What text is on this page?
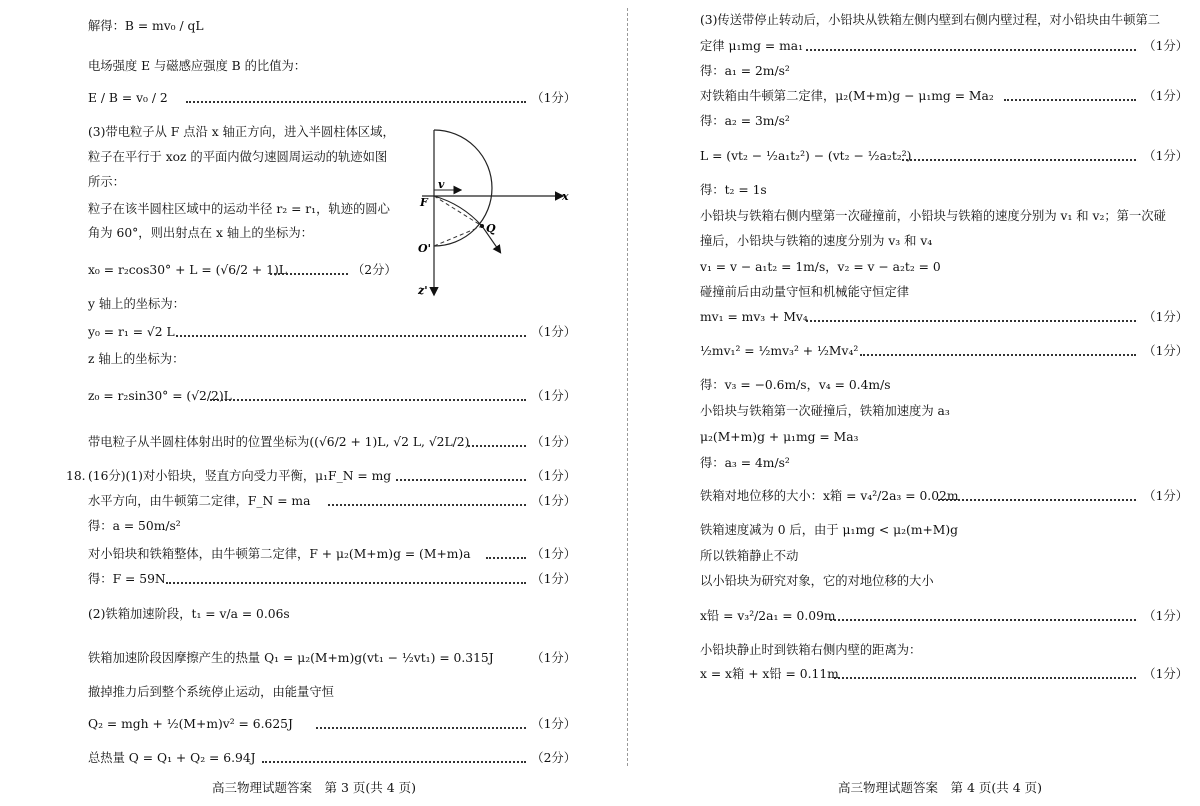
解得：B = mv₀ / qL
电场强度 E 与磁感应强度 B 的比值为：
E / B = v₀ / 2	（1分）
(3)带电粒子从 F 点沿 x 轴正方向，进入半圆柱体区域，
粒子在平行于 xoz 的平面内做匀速圆周运动的轨迹如图
所示：
粒子在该半圆柱区域中的运动半径 r₂ = r₁，轨迹的圆心
角为 60°，则出射点在 x 轴上的坐标为：
x₀ = r₂cos30° + L = (√6/2 + 1)L	（2分）
y 轴上的坐标为：
y₀ = r₁ = √2 L	（1分）
z 轴上的坐标为：
z₀ = r₂sin30° = (√2/2)L	（1分）
带电粒子从半圆柱体射出时的位置坐标为((√6/2 + 1)L, √2 L, √2L/2)	（1分）
18. (16分)(1)对小铅块，竖直方向受力平衡，μ₁F_N = mg	（1分）
水平方向，由牛顿第二定律，F_N = ma	（1分）
得：a = 50m/s²
对小铅块和铁箱整体，由牛顿第二定律，F + μ₂(M+m)g = (M+m)a	（1分）
得：F = 59N	（1分）
(2)铁箱加速阶段，t₁ = v/a = 0.06s
铁箱加速阶段因摩擦产生的热量 Q₁ = μ₂(M+m)g(vt₁ − ½vt₁) = 0.315J	（1分）
撤掉推力后到整个系统停止运动，由能量守恒
Q₂ = mgh + ½(M+m)v² = 6.625J	（1分）
总热量 Q = Q₁ + Q₂ = 6.94J	（2分）
高三物理试题答案　第 3 页(共 4 页)
v
x
F
Q
O'
z'
(3)传送带停止转动后，小铅块从铁箱左侧内壁到右侧内壁过程，对小铅块由牛顿第二
定律 μ₁mg = ma₁	（1分）
得：a₁ = 2m/s²
对铁箱由牛顿第二定律，μ₂(M+m)g − μ₁mg = Ma₂	（1分）
得：a₂ = 3m/s²
L = (vt₂ − ½a₁t₂²) − (vt₂ − ½a₂t₂²)	（1分）
得：t₂ = 1s
小铅块与铁箱右侧内壁第一次碰撞前，小铅块与铁箱的速度分别为 v₁ 和 v₂；第一次碰
撞后，小铅块与铁箱的速度分别为 v₃ 和 v₄
v₁ = v − a₁t₂ = 1m/s，v₂ = v − a₂t₂ = 0
碰撞前后由动量守恒和机械能守恒定律
mv₁ = mv₃ + Mv₄	（1分）
½mv₁² = ½mv₃² + ½Mv₄²	（1分）
得：v₃ = −0.6m/s，v₄ = 0.4m/s
小铅块与铁箱第一次碰撞后，铁箱加速度为 a₃
μ₂(M+m)g + μ₁mg = Ma₃
得：a₃ = 4m/s²
铁箱对地位移的大小：x箱 = v₄²/2a₃ = 0.02m	（1分）
铁箱速度减为 0 后，由于 μ₁mg < μ₂(m+M)g
所以铁箱静止不动
以小铅块为研究对象，它的对地位移的大小
x铅 = v₃²/2a₁ = 0.09m	（1分）
小铅块静止时到铁箱右侧内壁的距离为：
x = x箱 + x铅 = 0.11m	（1分）
高三物理试题答案　第 4 页(共 4 页)
